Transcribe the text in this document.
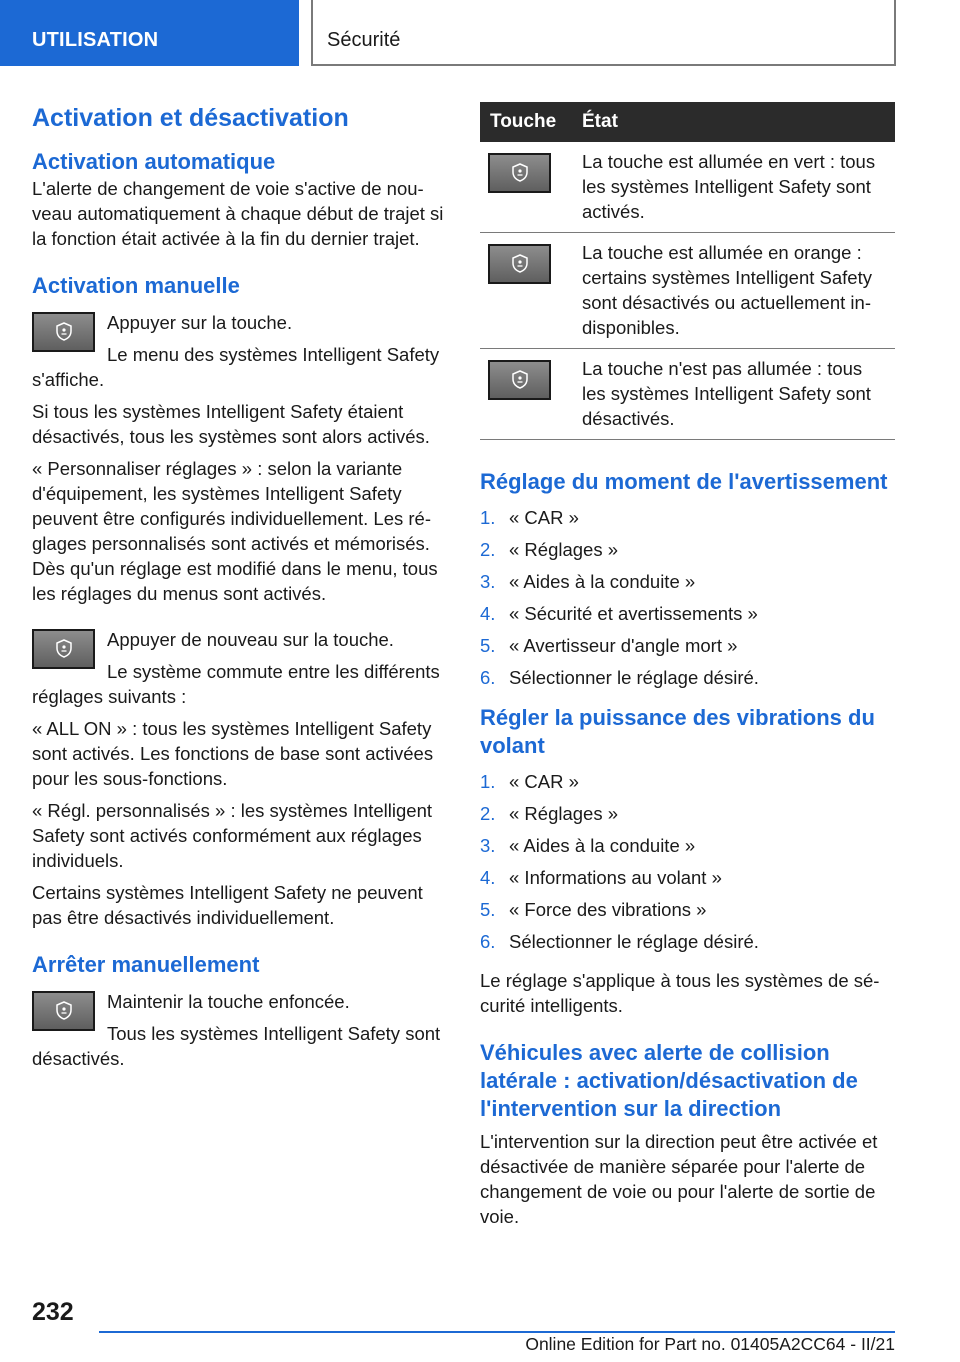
UTILISATION	Sécurité
Activation et désactivation
Activation automatique

L'alerte de changement de voie s'active de nouveau automatiquement à chaque début de trajet si la fonction était activée à la fin du dernier trajet.

Activation manuelle

Appuyer sur la touche.

Le menu des systèmes Intelligent Safety s'affiche.

Si tous les systèmes Intelligent Safety étaient désactivés, tous les systèmes sont alors activés.

« Personnaliser réglages » : selon la variante d'équipement, les systèmes Intelligent Safety peuvent être configurés individuellement. Les réglages personnalisés sont activés et mémorisés. Dès qu'un réglage est modifié dans le menu, tous les réglages du menus sont activés.

Appuyer de nouveau sur la touche.

Le système commute entre les différents réglages suivants :

« ALL ON » : tous les systèmes Intelligent Safety sont activés. Les fonctions de base sont activées pour les sous-fonctions.

« Régl. personnalisés » : les systèmes Intelligent Safety sont activés conformément aux réglages individuels.

Certains systèmes Intelligent Safety ne peuvent pas être désactivés individuellement.

Arrêter manuellement

Maintenir la touche enfoncée.

Tous les systèmes Intelligent Safety sont désactivés.

Touche	État

	La touche est allumée en vert : tous les systèmes Intelligent Safety sont activés.

	La touche est allumée en orange : certains systèmes Intelligent Safety sont désactivés ou actuellement indisponibles.

	La touche n'est pas allumée : tous les systèmes Intelligent Safety sont désactivés.
Réglage du moment de l'avertissement
1. « CAR »
2. « Réglages »
3. « Aides à la conduite »
4. « Sécurité et avertissements »
5. « Avertisseur d'angle mort »
6. Sélectionner le réglage désiré.
Régler la puissance des vibrations du volant
1. « CAR »
2. « Réglages »
3. « Aides à la conduite »
4. « Informations au volant »
5. « Force des vibrations »
6. Sélectionner le réglage désiré.

Le réglage s'applique à tous les systèmes de sécurité intelligents.

Véhicules avec alerte de collision latérale : activation/désactivation de l'intervention sur la direction

L'intervention sur la direction peut être activée et désactivée de manière séparée pour l'alerte de changement de voie ou pour l'alerte de sortie de voie.

232
Online Edition for Part no. 01405A2CC64 - II/21
